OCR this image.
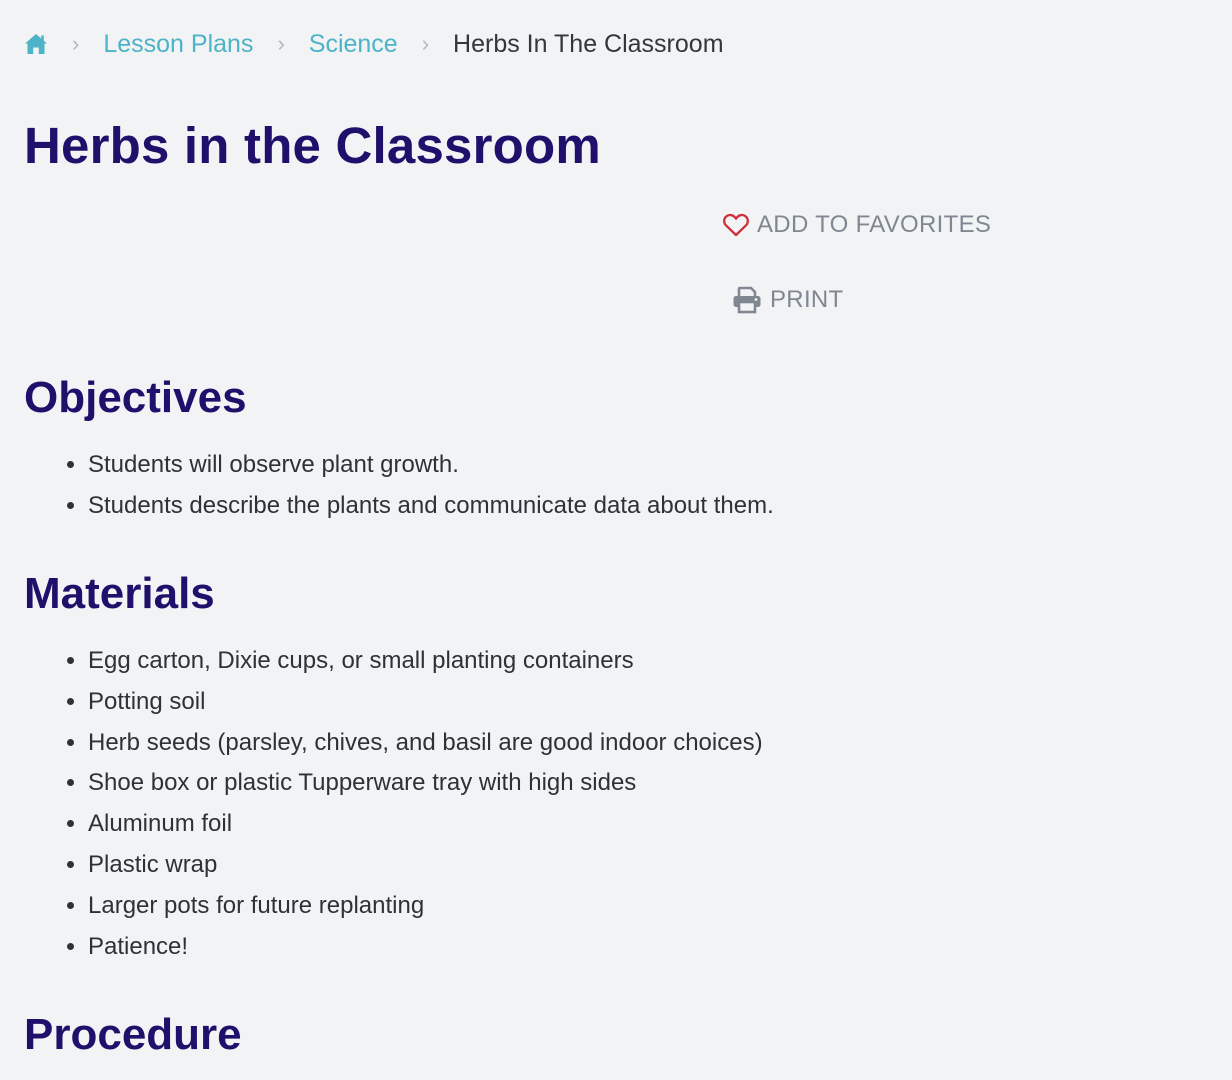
› Lesson Plans › Science › Herbs In The Classroom
Herbs in the Classroom
ADD TO FAVORITES
PRINT
Objectives
• Students will observe plant growth.
• Students describe the plants and communicate data about them.
Materials
• Egg carton, Dixie cups, or small planting containers
• Potting soil
• Herb seeds (parsley, chives, and basil are good indoor choices)
• Shoe box or plastic Tupperware tray with high sides
• Aluminum foil
• Plastic wrap
• Larger pots for future replanting
• Patience!
Procedure
